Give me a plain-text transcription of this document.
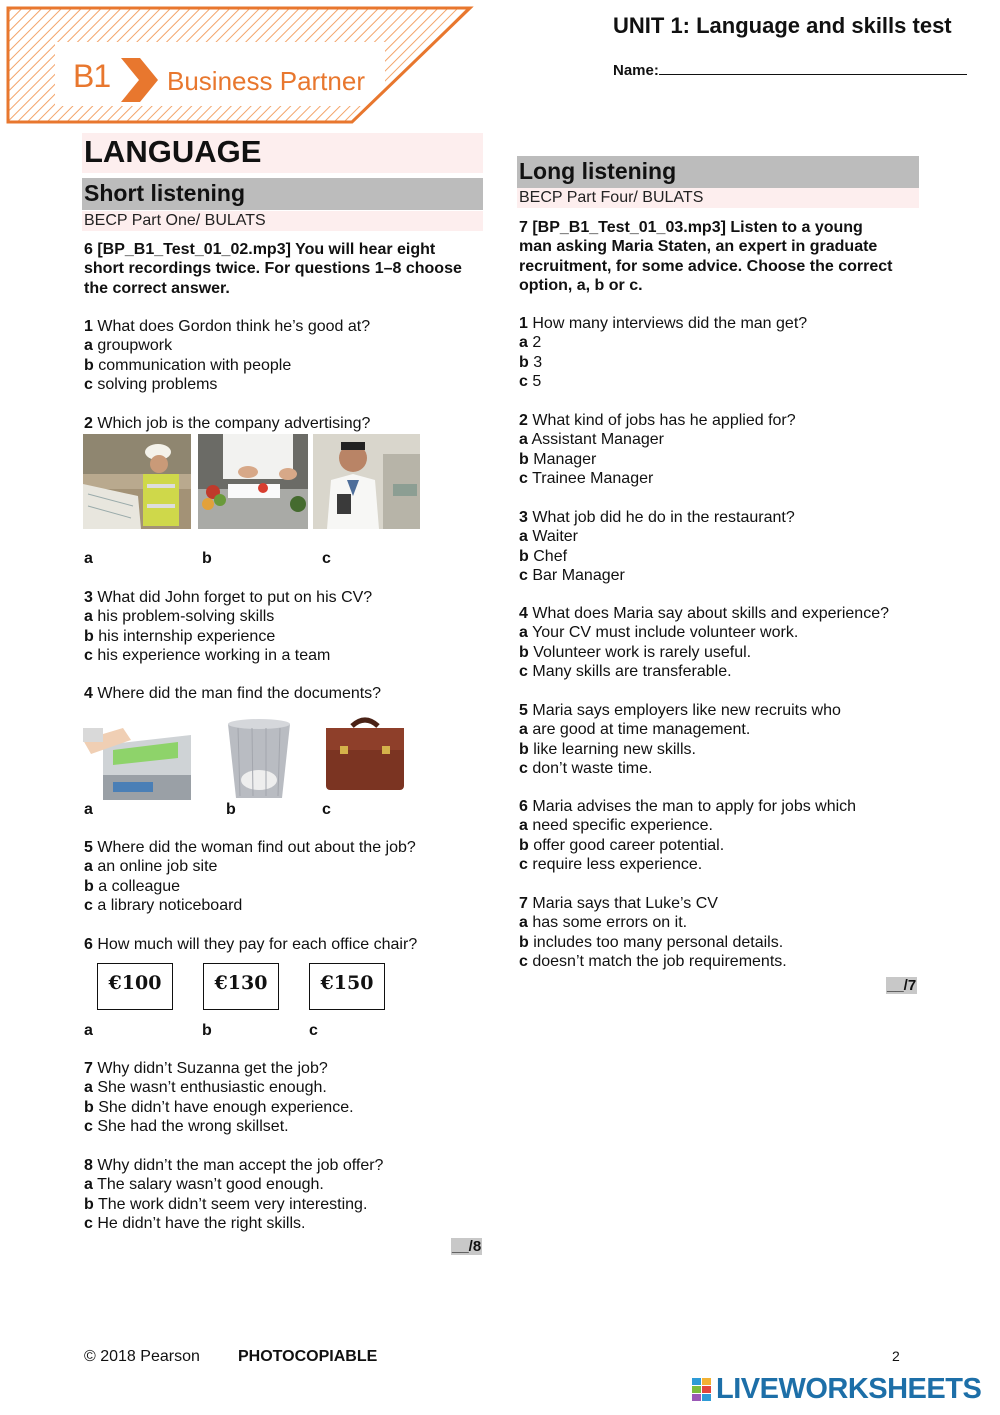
B1 Business Partner
UNIT 1: Language and skills test
Name:
LANGUAGE
Short listening
BECP Part One/ BULATS
6 [BP_B1_Test_01_02.mp3] You will hear eight
short recordings twice. For questions 1–8 choose
the correct answer.
1 What does Gordon think he’s good at?
a groupwork
b communication with people
c solving problems
2 Which job is the company advertising?
a	b	c
3 What did John forget to put on his CV?
a his problem-solving skills
b his internship experience
c his experience working in a team
4 Where did the man find the documents?
a	b	c
5 Where did the woman find out about the job?
a an online job site
b a colleague
c a library noticeboard
6 How much will they pay for each office chair?
€100	€130	€150
a	b	c
7 Why didn’t Suzanna get the job?
a She wasn’t enthusiastic enough.
b She didn’t have enough experience.
c She had the wrong skillset.
8 Why didn’t the man accept the job offer?
a The salary wasn’t good enough.
b The work didn’t seem very interesting.
c He didn’t have the right skills.
__/8
Long listening
BECP Part Four/ BULATS
7 [BP_B1_Test_01_03.mp3] Listen to a young
man asking Maria Staten, an expert in graduate
recruitment, for some advice. Choose the correct
option, a, b or c.
1 How many interviews did the man get?
a 2
b 3
c 5
2 What kind of jobs has he applied for?
a Assistant Manager
b Manager
c Trainee Manager
3 What job did he do in the restaurant?
a Waiter
b Chef
c Bar Manager
4 What does Maria say about skills and experience?
a Your CV must include volunteer work.
b Volunteer work is rarely useful.
c Many skills are transferable.
5 Maria says employers like new recruits who
a are good at time management.
b like learning new skills.
c don’t waste time.
6 Maria advises the man to apply for jobs which
a need specific experience.
b offer good career potential.
c require less experience.
7 Maria says that Luke’s CV
a has some errors on it.
b includes too many personal details.
c doesn’t match the job requirements.
__/7
© 2018 Pearson PHOTOCOPIABLE	2
LIVEWORKSHEETS
